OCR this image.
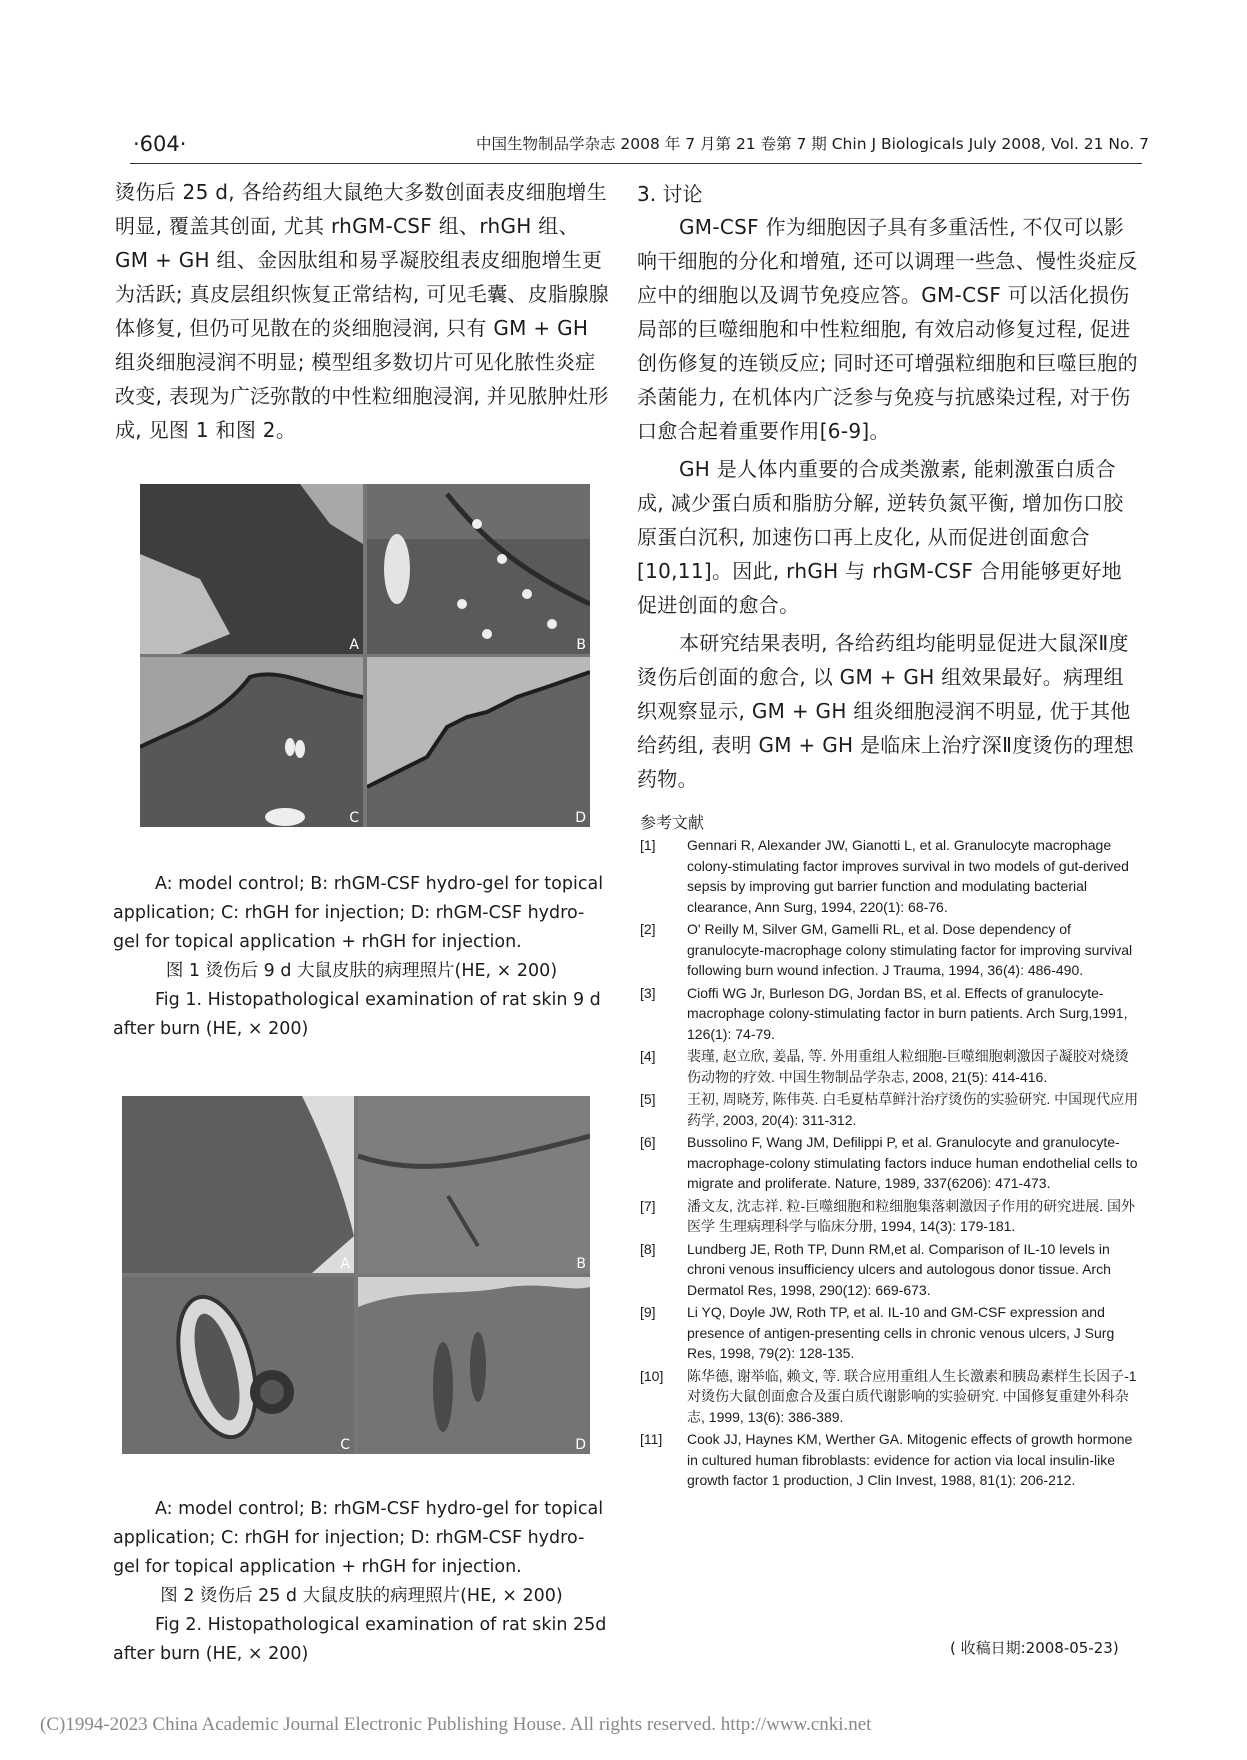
·604·	中国生物制品学杂志 2008 年 7 月第 21 卷第 7 期 Chin J Biologicals July 2008, Vol. 21 No. 7

烫伤后 25 d, 各给药组大鼠绝大多数创面表皮细胞增生明显, 覆盖其创面, 尤其 rhGM-CSF 组、rhGH 组、GM + GH 组、金因肽组和易孚凝胶组表皮细胞增生更为活跃; 真皮层组织恢复正常结构, 可见毛囊、皮脂腺腺体修复, 但仍可见散在的炎细胞浸润, 只有 GM + GH 组炎细胞浸润不明显; 模型组多数切片可见化脓性炎症改变, 表现为广泛弥散的中性粒细胞浸润, 并见脓肿灶形成, 见图 1 和图 2。

A	B
C	D

A: model control; B: rhGM-CSF hydro-gel for topical application; C: rhGH for injection; D: rhGM-CSF hydro-gel for topical application + rhGH for injection.

图 1 烫伤后 9 d 大鼠皮肤的病理照片(HE, × 200)

Fig 1. Histopathological examination of rat skin 9 d after burn (HE, × 200)

A	B
C	D

A: model control; B: rhGM-CSF hydro-gel for topical application; C: rhGH for injection; D: rhGM-CSF hydro-gel for topical application + rhGH for injection.

图 2 烫伤后 25 d 大鼠皮肤的病理照片(HE, × 200)

Fig 2. Histopathological examination of rat skin 25d after burn (HE, × 200)

3. 讨论

GM-CSF 作为细胞因子具有多重活性, 不仅可以影响干细胞的分化和增殖, 还可以调理一些急、慢性炎症反应中的细胞以及调节免疫应答。GM-CSF 可以活化损伤局部的巨噬细胞和中性粒细胞, 有效启动修复过程, 促进创伤修复的连锁反应; 同时还可增强粒细胞和巨噬巨胞的杀菌能力, 在机体内广泛参与免疫与抗感染过程, 对于伤口愈合起着重要作用[6-9]。

GH 是人体内重要的合成类激素, 能刺激蛋白质合成, 减少蛋白质和脂肪分解, 逆转负氮平衡, 增加伤口胶原蛋白沉积, 加速伤口再上皮化, 从而促进创面愈合[10,11]。因此, rhGH 与 rhGM-CSF 合用能够更好地促进创面的愈合。

本研究结果表明, 各给药组均能明显促进大鼠深Ⅱ度烫伤后创面的愈合, 以 GM + GH 组效果最好。病理组织观察显示, GM + GH 组炎细胞浸润不明显, 优于其他给药组, 表明 GM + GH 是临床上治疗深Ⅱ度烫伤的理想药物。

参考文献

[1] Gennari R, Alexander JW, Gianotti L, et al. Granulocyte macrophage colony-stimulating factor improves survival in two models of gut-derived sepsis by improving gut barrier function and modulating bacterial clearance, Ann Surg, 1994, 220(1): 68-76.

[2] O' Reilly M, Silver GM, Gamelli RL, et al. Dose dependency of granulocyte-macrophage colony stimulating factor for improving survival following burn wound infection. J Trauma, 1994, 36(4): 486-490.

[3] Cioffi WG Jr, Burleson DG, Jordan BS, et al. Effects of granulocyte-macrophage colony-stimulating factor in burn patients. Arch Surg,1991, 126(1): 74-79.

[4] 裴瑾, 赵立欣, 姜晶, 等. 外用重组人粒细胞-巨噬细胞刺激因子凝胶对烧烫伤动物的疗效. 中国生物制品学杂志, 2008, 21(5): 414-416.

[5] 王初, 周晓芳, 陈伟英. 白毛夏枯草鲜汁治疗烫伤的实验研究. 中国现代应用药学, 2003, 20(4): 311-312.

[6] Bussolino F, Wang JM, Defilippi P, et al. Granulocyte and granulocyte-macrophage-colony stimulating factors induce human endothelial cells to migrate and proliferate. Nature, 1989, 337(6206): 471-473.

[7] 潘文友, 沈志祥. 粒-巨噬细胞和粒细胞集落刺激因子作用的研究进展. 国外医学 生理病理科学与临床分册, 1994, 14(3): 179-181.

[8] Lundberg JE, Roth TP, Dunn RM,et al. Comparison of IL-10 levels in chroni venous insufficiency ulcers and autologous donor tissue. Arch Dermatol Res, 1998, 290(12): 669-673.

[9] Li YQ, Doyle JW, Roth TP, et al. IL-10 and GM-CSF expression and presence of antigen-presenting cells in chronic venous ulcers, J Surg Res, 1998, 79(2): 128-135.

[10] 陈华德, 谢举临, 赖文, 等. 联合应用重组人生长激素和胰岛素样生长因子-1 对烫伤大鼠创面愈合及蛋白质代谢影响的实验研究. 中国修复重建外科杂志, 1999, 13(6): 386-389.

[11] Cook JJ, Haynes KM, Werther GA. Mitogenic effects of growth hormone in cultured human fibroblasts: evidence for action via local insulin-like growth factor 1 production, J Clin Invest, 1988, 81(1): 206-212.

( 收稿日期:2008-05-23)
(C)1994-2023 China Academic Journal Electronic Publishing House. All rights reserved. http://www.cnki.net
